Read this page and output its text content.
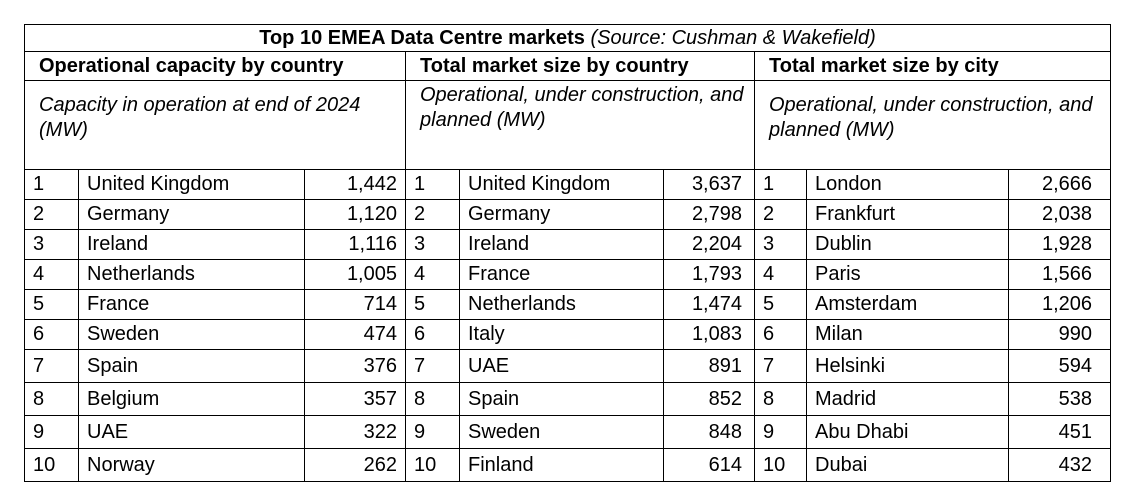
Top 10 EMEA Data Centre markets (Source: Cushman & Wakefield)								
Operational capacity by country			Total market size by country			Total market size by city		
Capacity in operation at end of 2024 (MW)			Operational, under construction, and planned (MW)			Operational, under construction, and planned (MW)		
1	United Kingdom	1,442	1	United Kingdom	3,637	1	London	2,666
2	Germany	1,120	2	Germany	2,798	2	Frankfurt	2,038
3	Ireland	1,116	3	Ireland	2,204	3	Dublin	1,928
4	Netherlands	1,005	4	France	1,793	4	Paris	1,566
5	France	714	5	Netherlands	1,474	5	Amsterdam	1,206
6	Sweden	474	6	Italy	1,083	6	Milan	990
7	Spain	376	7	UAE	891	7	Helsinki	594
8	Belgium	357	8	Spain	852	8	Madrid	538
9	UAE	322	9	Sweden	848	9	Abu Dhabi	451
10	Norway	262	10	Finland	614	10	Dubai	432
